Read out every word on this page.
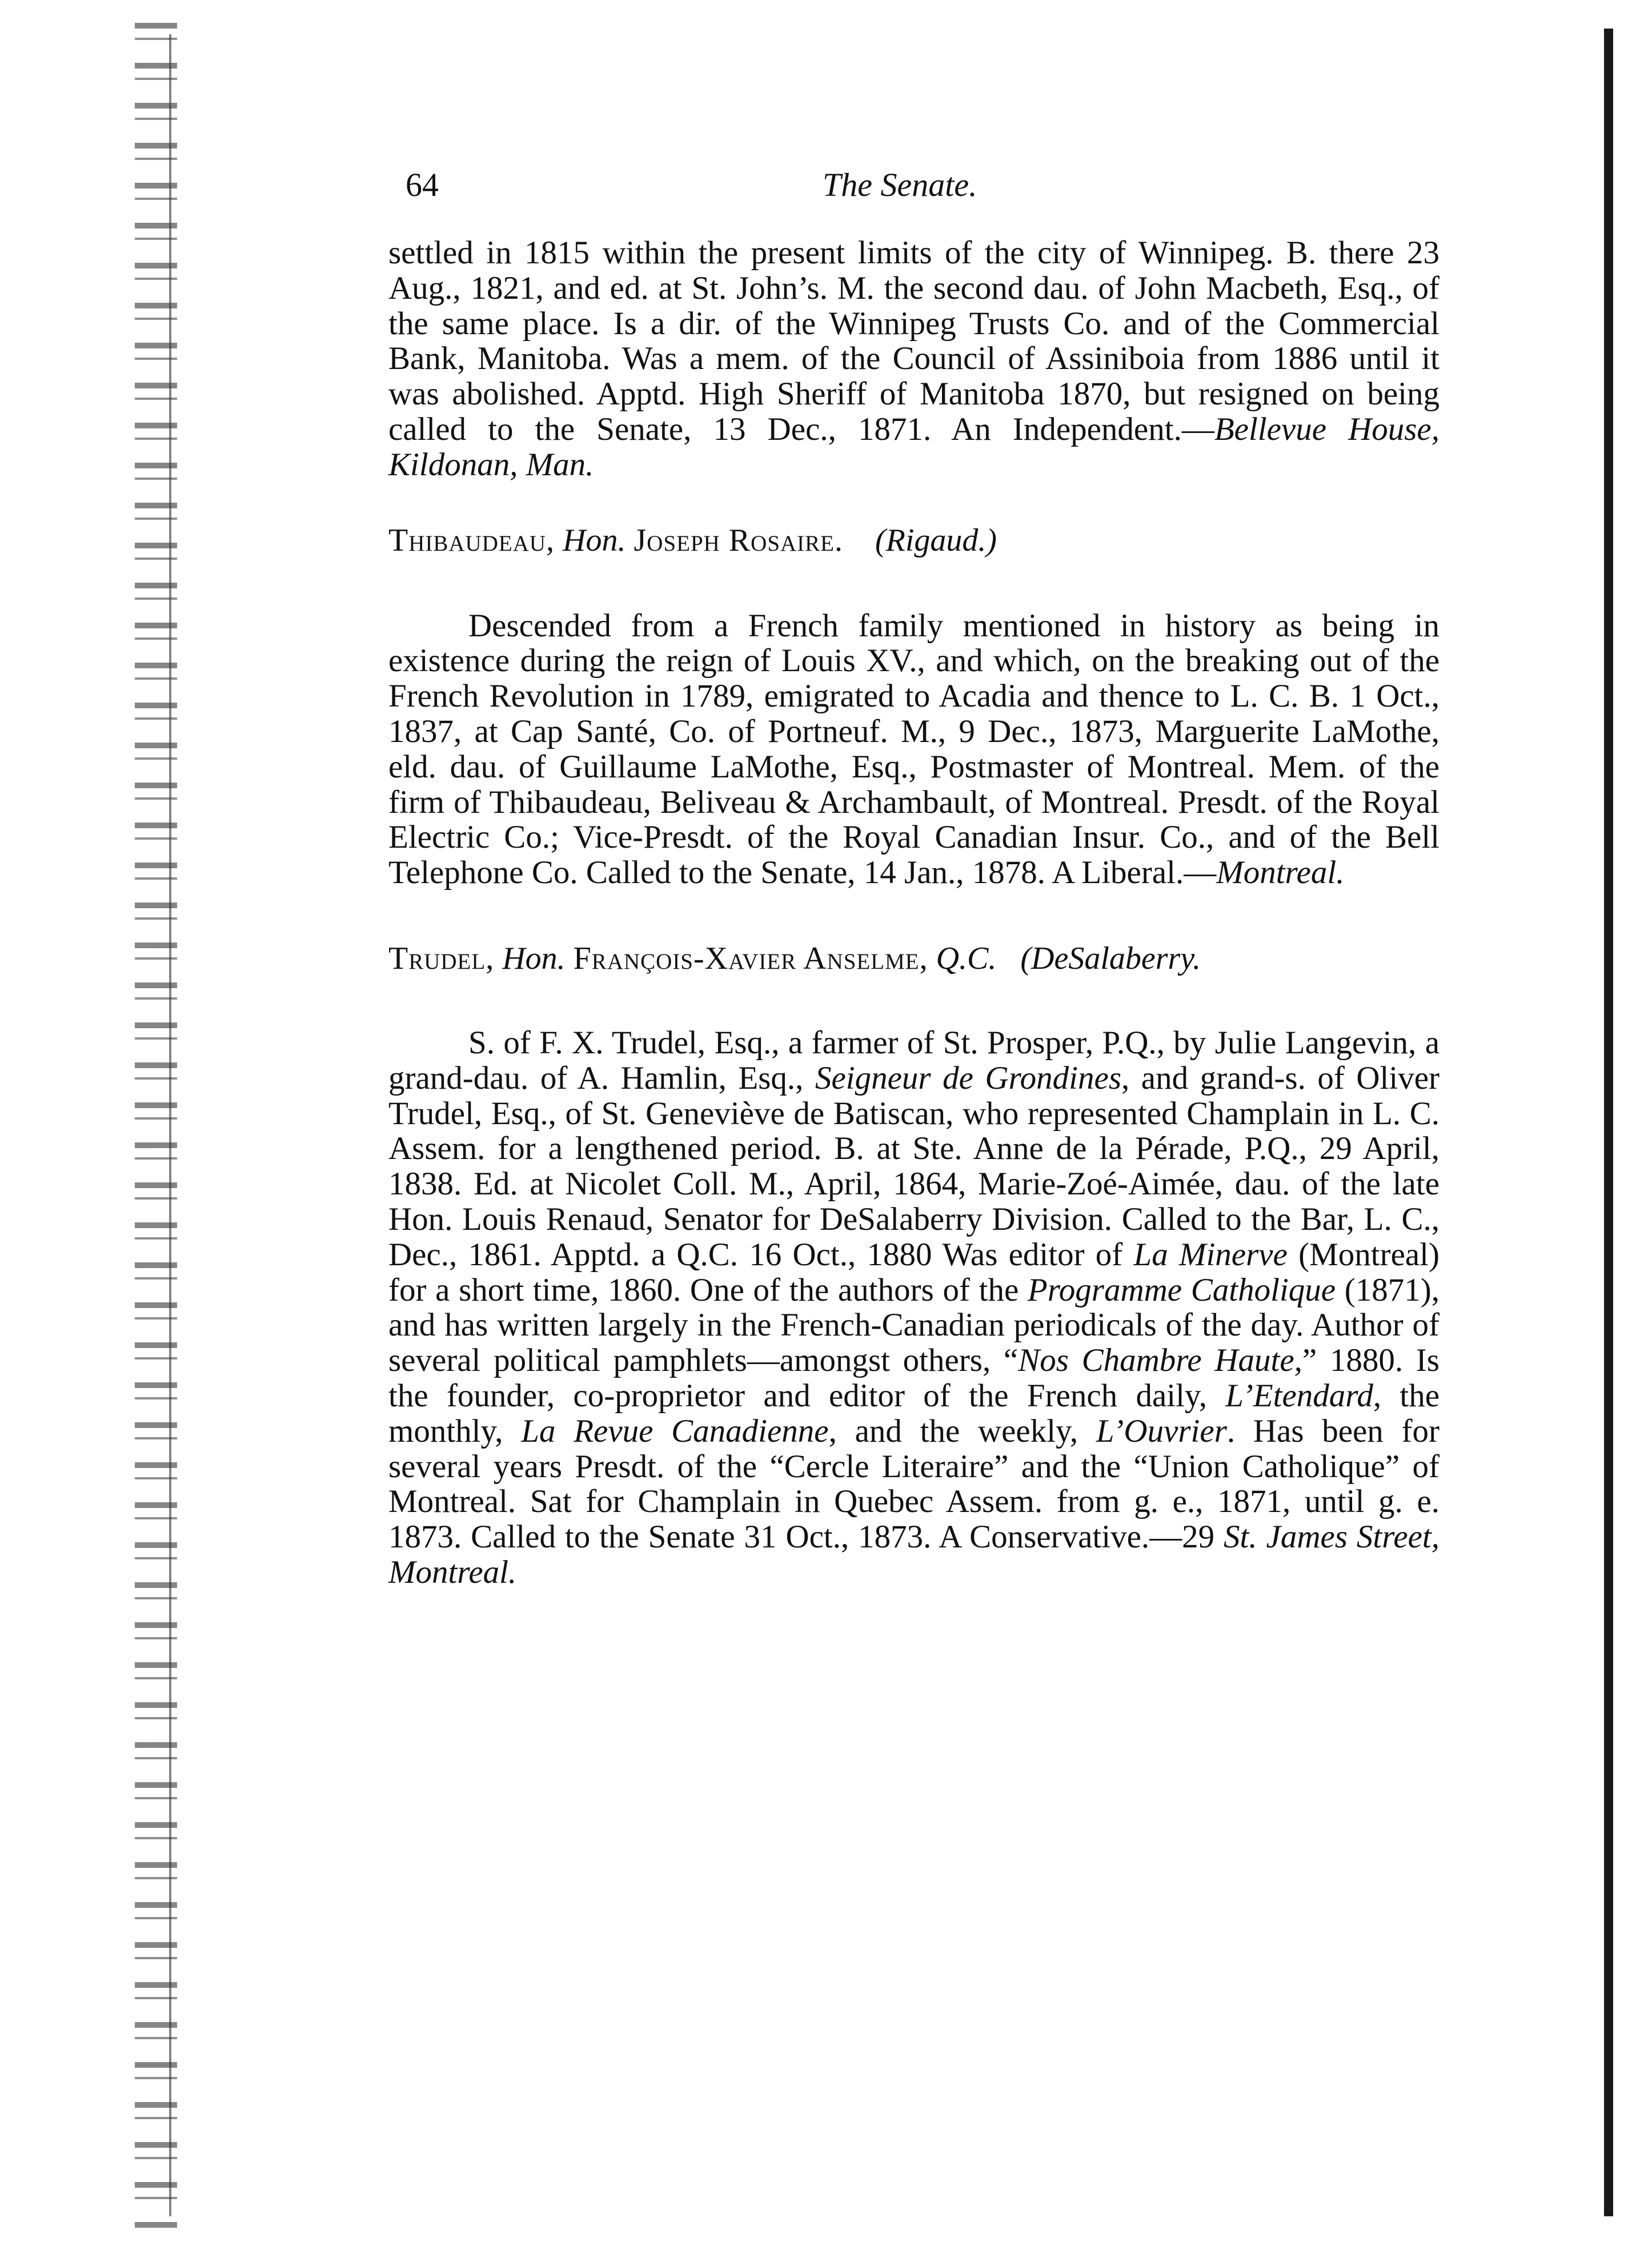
64	The Senate.

settled in 1815 within the present limits of the city of Winnipeg. B. there 23 Aug., 1821, and ed. at St. John’s. M. the second dau. of John Macbeth, Esq., of the same place. Is a dir. of the Winnipeg Trusts Co. and of the Commercial Bank, Manitoba. Was a mem. of the Council of Assiniboia from 1886 until it was abolished. Apptd. High Sheriff of Manitoba 1870, but resigned on being called to the Senate, 13 Dec., 1871. An Independent.—Bellevue House, Kildonan, Man.

Thibaudeau, Hon. Joseph Rosaire. (Rigaud.)

Descended from a French family mentioned in history as being in existence during the reign of Louis XV., and which, on the breaking out of the French Revolution in 1789, emigrated to Acadia and thence to L. C. B. 1 Oct., 1837, at Cap Santé, Co. of Portneuf. M., 9 Dec., 1873, Marguerite LaMothe, eld. dau. of Guillaume LaMothe, Esq., Postmaster of Montreal. Mem. of the firm of Thibaudeau, Beliveau & Archambault, of Montreal. Presdt. of the Royal Electric Co.; Vice-Presdt. of the Royal Canadian Insur. Co., and of the Bell Telephone Co. Called to the Senate, 14 Jan., 1878. A Liberal.—Montreal.

Trudel, Hon. François-Xavier Anselme, Q.C. (DeSalaberry.

S. of F. X. Trudel, Esq., a farmer of St. Prosper, P.Q., by Julie Langevin, a grand-dau. of A. Hamlin, Esq., Seigneur de Grondines, and grand-s. of Oliver Trudel, Esq., of St. Geneviève de Batiscan, who represented Champlain in L. C. Assem. for a lengthened period. B. at Ste. Anne de la Pérade, P.Q., 29 April, 1838. Ed. at Nicolet Coll. M., April, 1864, Marie-Zoé-Aimée, dau. of the late Hon. Louis Renaud, Senator for DeSalaberry Division. Called to the Bar, L. C., Dec., 1861. Apptd. a Q.C. 16 Oct., 1880 Was editor of La Minerve (Montreal) for a short time, 1860. One of the authors of the Programme Catholique (1871), and has written largely in the French-Canadian periodicals of the day. Author of several political pamphlets—amongst others, “Nos Chambre Haute,” 1880. Is the founder, co-proprietor and editor of the French daily, L’Etendard, the monthly, La Revue Canadienne, and the weekly, L’Ouvrier. Has been for several years Presdt. of the “Cercle Literaire” and the “Union Catholique” of Montreal. Sat for Champlain in Quebec Assem. from g. e., 1871, until g. e. 1873. Called to the Senate 31 Oct., 1873. A Conservative.—29 St. James Street, Montreal.
